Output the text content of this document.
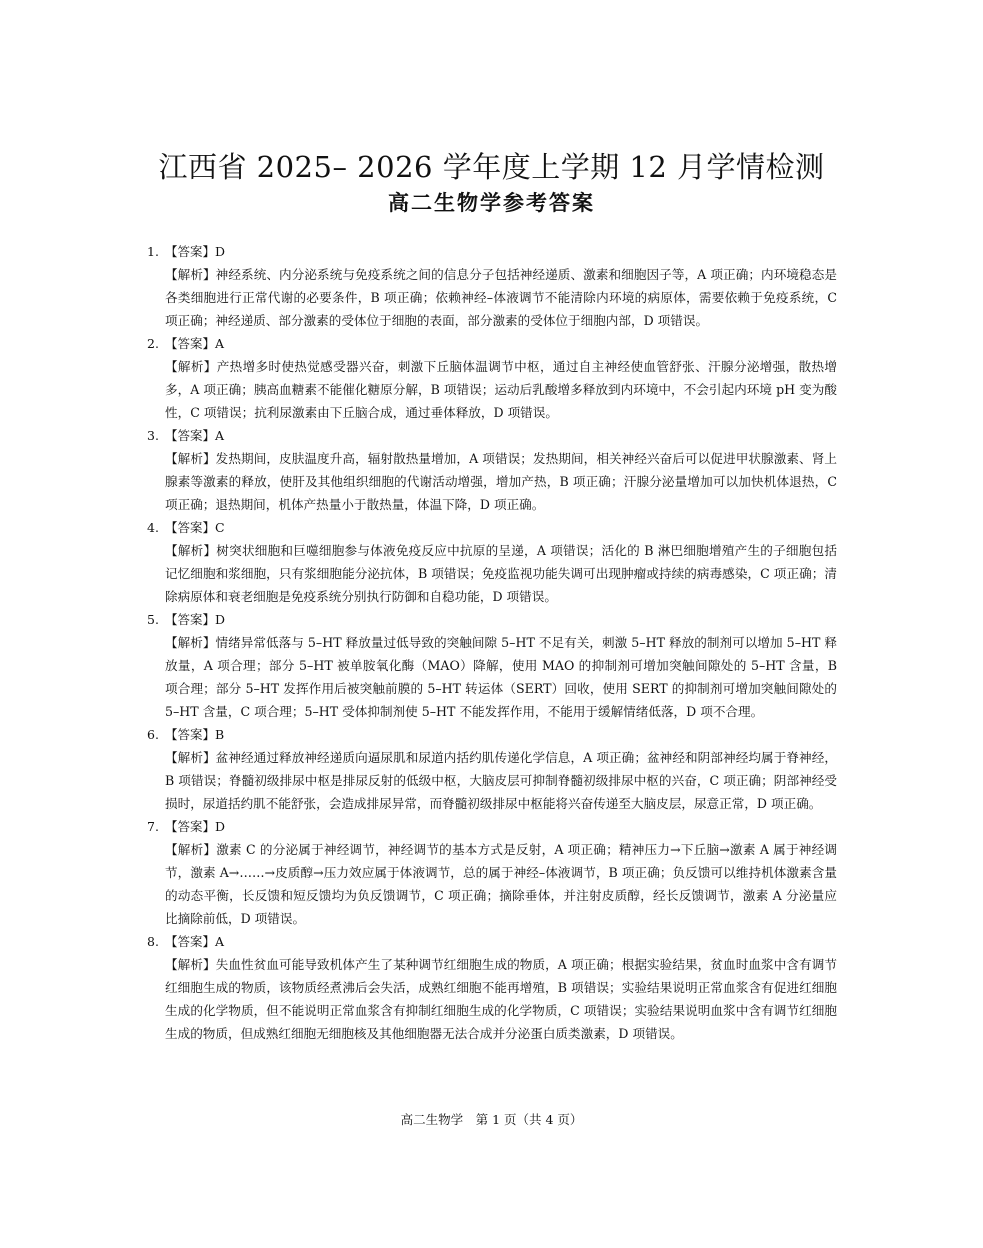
江西省 2025– 2026 学年度上学期 12 月学情检测
高二生物学参考答案
1. 【答案】D
【解析】神经系统、内分泌系统与免疫系统之间的信息分子包括神经递质、激素和细胞因子等，A 项正确；内环境稳态是各类细胞进行正常代谢的必要条件，B 项正确；依赖神经–体液调节不能清除内环境的病原体，需要依赖于免疫系统，C 项正确；神经递质、部分激素的受体位于细胞的表面，部分激素的受体位于细胞内部，D 项错误。
2. 【答案】A
【解析】产热增多时使热觉感受器兴奋，刺激下丘脑体温调节中枢，通过自主神经使血管舒张、汗腺分泌增强，散热增多，A 项正确；胰高血糖素不能催化糖原分解，B 项错误；运动后乳酸增多释放到内环境中，不会引起内环境 pH 变为酸性，C 项错误；抗利尿激素由下丘脑合成，通过垂体释放，D 项错误。
3. 【答案】A
【解析】发热期间，皮肤温度升高，辐射散热量增加，A 项错误；发热期间，相关神经兴奋后可以促进甲状腺激素、肾上腺素等激素的释放，使肝及其他组织细胞的代谢活动增强，增加产热，B 项正确；汗腺分泌量增加可以加快机体退热，C 项正确；退热期间，机体产热量小于散热量，体温下降，D 项正确。
4. 【答案】C
【解析】树突状细胞和巨噬细胞参与体液免疫反应中抗原的呈递，A 项错误；活化的 B 淋巴细胞增殖产生的子细胞包括记忆细胞和浆细胞，只有浆细胞能分泌抗体，B 项错误；免疫监视功能失调可出现肿瘤或持续的病毒感染，C 项正确；清除病原体和衰老细胞是免疫系统分别执行防御和自稳功能，D 项错误。
5. 【答案】D
【解析】情绪异常低落与 5–HT 释放量过低导致的突触间隙 5–HT 不足有关，刺激 5–HT 释放的制剂可以增加 5–HT 释放量，A 项合理；部分 5–HT 被单胺氧化酶（MAO）降解，使用 MAO 的抑制剂可增加突触间隙处的 5–HT 含量，B 项合理；部分 5–HT 发挥作用后被突触前膜的 5–HT 转运体（SERT）回收，使用 SERT 的抑制剂可增加突触间隙处的 5–HT 含量，C 项合理；5–HT 受体抑制剂使 5–HT 不能发挥作用，不能用于缓解情绪低落，D 项不合理。
6. 【答案】B
【解析】盆神经通过释放神经递质向逼尿肌和尿道内括约肌传递化学信息，A 项正确；盆神经和阴部神经均属于脊神经，B 项错误；脊髓初级排尿中枢是排尿反射的低级中枢，大脑皮层可抑制脊髓初级排尿中枢的兴奋，C 项正确；阴部神经受损时，尿道括约肌不能舒张，会造成排尿异常，而脊髓初级排尿中枢能将兴奋传递至大脑皮层，尿意正常，D 项正确。
7. 【答案】D
【解析】激素 C 的分泌属于神经调节，神经调节的基本方式是反射，A 项正确；精神压力→下丘脑→激素 A 属于神经调节，激素 A→……→皮质醇→压力效应属于体液调节，总的属于神经–体液调节，B 项正确；负反馈可以维持机体激素含量的动态平衡，长反馈和短反馈均为负反馈调节，C 项正确；摘除垂体，并注射皮质醇，经长反馈调节，激素 A 分泌量应比摘除前低，D 项错误。
8. 【答案】A
【解析】失血性贫血可能导致机体产生了某种调节红细胞生成的物质，A 项正确；根据实验结果，贫血时血浆中含有调节红细胞生成的物质，该物质经煮沸后会失活，成熟红细胞不能再增殖，B 项错误；实验结果说明正常血浆含有促进红细胞生成的化学物质，但不能说明正常血浆含有抑制红细胞生成的化学物质，C 项错误；实验结果说明血浆中含有调节红细胞生成的物质，但成熟红细胞无细胞核及其他细胞器无法合成并分泌蛋白质类激素，D 项错误。
高二生物学　第 1 页（共 4 页）
